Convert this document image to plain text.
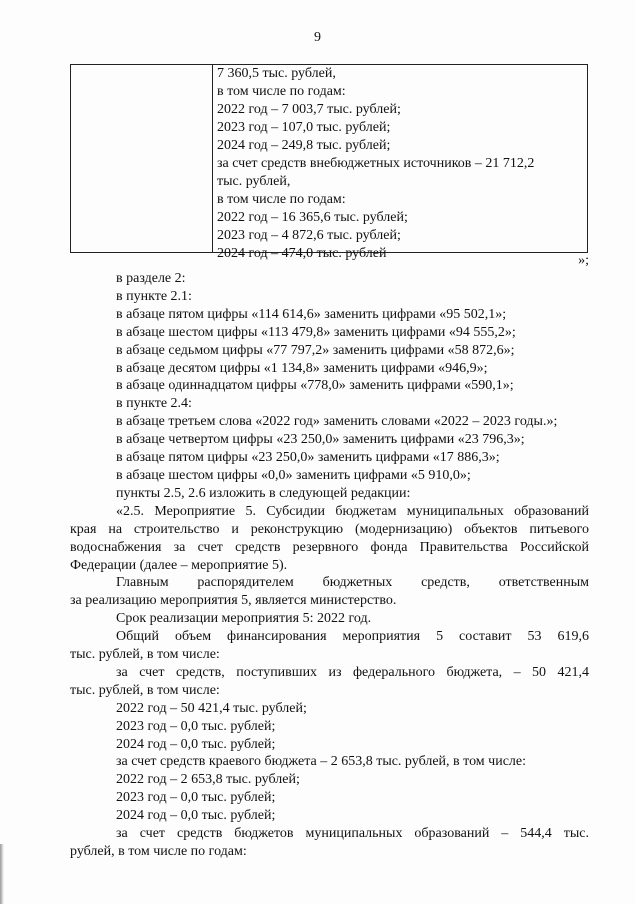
9
7 360,5 тыс. рублей,
в том числе по годам:
2022 год – 7 003,7 тыс. рублей;
2023 год – 107,0 тыс. рублей;
2024 год – 249,8 тыс. рублей;
за счет средств внебюджетных источников – 21 712,2
тыс. рублей,
в том числе по годам:
2022 год – 16 365,6 тыс. рублей;
2023 год – 4 872,6 тыс. рублей;
2024 год – 474,0 тыс. рублей	»;
в разделе 2:
в пункте 2.1:
в абзаце пятом цифры «114 614,6» заменить цифрами «95 502,1»;
в абзаце шестом цифры «113 479,8» заменить цифрами «94 555,2»;
в абзаце седьмом цифры «77 797,2» заменить цифрами «58 872,6»;
в абзаце десятом цифры «1 134,8» заменить цифрами «946,9»;
в абзаце одиннадцатом цифры «778,0» заменить цифрами «590,1»;
в пункте 2.4:
в абзаце третьем слова «2022 год» заменить словами «2022 – 2023 годы.»;
в абзаце четвертом цифры «23 250,0» заменить цифрами «23 796,3»;
в абзаце пятом цифры «23 250,0» заменить цифрами «17 886,3»;
в абзаце шестом цифры «0,0» заменить цифрами «5 910,0»;
пункты 2.5, 2.6 изложить в следующей редакции:
«2.5. Мероприятие 5. Субсидии бюджетам муниципальных образований
края на строительство и реконструкцию (модернизацию) объектов питьевого
водоснабжения за счет средств резервного фонда Правительства Российской
Федерации (далее – мероприятие 5).
Главным распорядителем бюджетных средств, ответственным
за реализацию мероприятия 5, является министерство.
Срок реализации мероприятия 5: 2022 год.
Общий объем финансирования мероприятия 5 составит 53 619,6
тыс. рублей, в том числе:
за счет средств, поступивших из федерального бюджета, – 50 421,4
тыс. рублей, в том числе:
2022 год – 50 421,4 тыс. рублей;
2023 год – 0,0 тыс. рублей;
2024 год – 0,0 тыс. рублей;
за счет средств краевого бюджета – 2 653,8 тыс. рублей, в том числе:
2022 год – 2 653,8 тыс. рублей;
2023 год – 0,0 тыс. рублей;
2024 год – 0,0 тыс. рублей;
за счет средств бюджетов муниципальных образований – 544,4 тыс.
рублей, в том числе по годам:
